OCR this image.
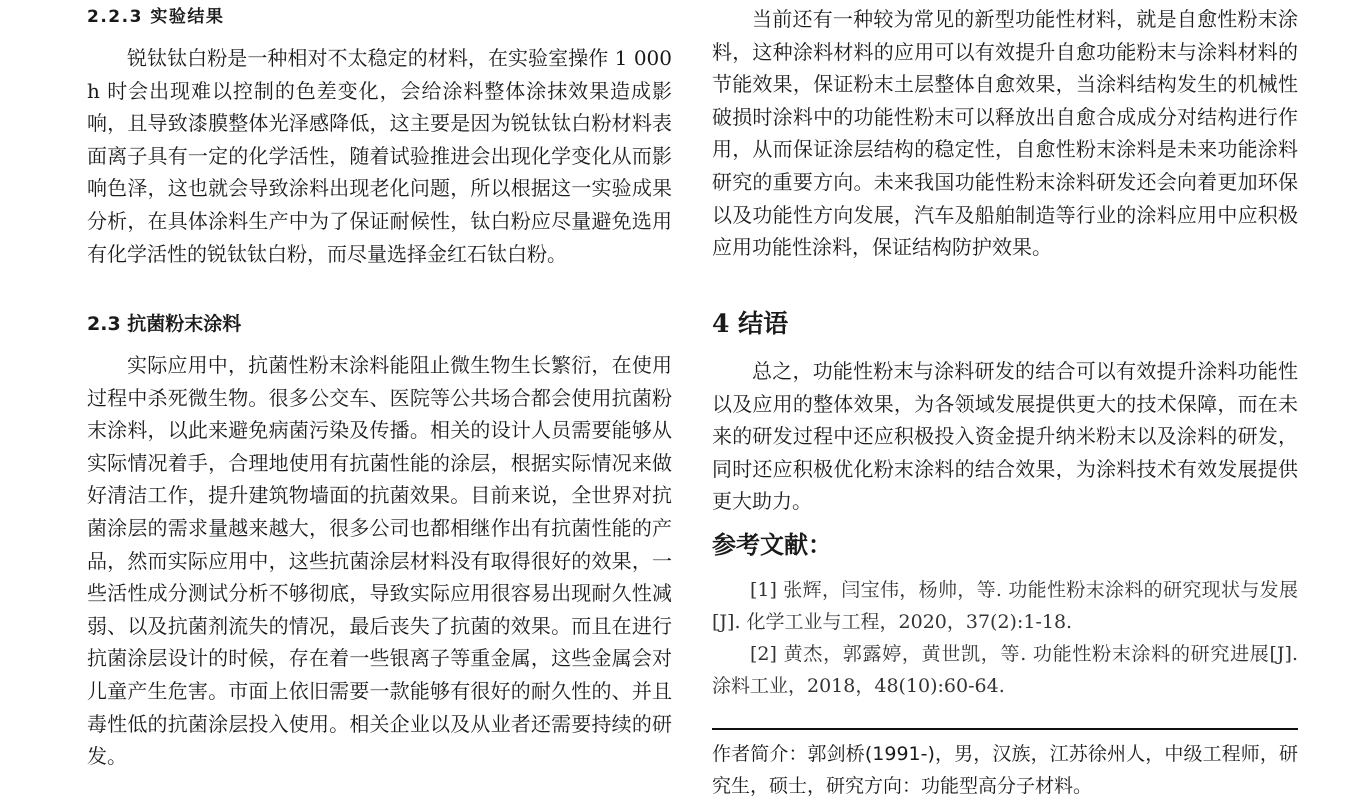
2.2.3 实验结果

锐钛钛白粉是一种相对不太稳定的材料，在实验室操作 1 000 h 时会出现难以控制的色差变化，会给涂料整体涂抹效果造成影响，且导致漆膜整体光泽感降低，这主要是因为锐钛钛白粉材料表面离子具有一定的化学活性，随着试验推进会出现化学变化从而影响色泽，这也就会导致涂料出现老化问题，所以根据这一实验成果分析，在具体涂料生产中为了保证耐候性，钛白粉应尽量避免选用有化学活性的锐钛钛白粉，而尽量选择金红石钛白粉。

2.3 抗菌粉末涂料

实际应用中，抗菌性粉末涂料能阻止微生物生长繁衍，在使用过程中杀死微生物。很多公交车、医院等公共场合都会使用抗菌粉末涂料，以此来避免病菌污染及传播。相关的设计人员需要能够从实际情况着手，合理地使用有抗菌性能的涂层，根据实际情况来做好清洁工作，提升建筑物墙面的抗菌效果。目前来说，全世界对抗菌涂层的需求量越来越大，很多公司也都相继作出有抗菌性能的产品，然而实际应用中，这些抗菌涂层材料没有取得很好的效果，一些活性成分测试分析不够彻底，导致实际应用很容易出现耐久性减弱、以及抗菌剂流失的情况，最后丧失了抗菌的效果。而且在进行抗菌涂层设计的时候，存在着一些银离子等重金属，这些金属会对儿童产生危害。市面上依旧需要一款能够有很好的耐久性的、并且毒性低的抗菌涂层投入使用。相关企业以及从业者还需要持续的研发。

当前还有一种较为常见的新型功能性材料，就是自愈性粉末涂料，这种涂料材料的应用可以有效提升自愈功能粉末与涂料材料的节能效果，保证粉末土层整体自愈效果，当涂料结构发生的机械性破损时涂料中的功能性粉末可以释放出自愈合成成分对结构进行作用，从而保证涂层结构的稳定性，自愈性粉末涂料是未来功能涂料研究的重要方向。未来我国功能性粉末涂料研发还会向着更加环保以及功能性方向发展，汽车及船舶制造等行业的涂料应用中应积极应用功能性涂料，保证结构防护效果。

4 结语

总之，功能性粉末与涂料研发的结合可以有效提升涂料功能性以及应用的整体效果，为各领域发展提供更大的技术保障，而在未来的研发过程中还应积极投入资金提升纳米粉末以及涂料的研发，同时还应积极优化粉末涂料的结合效果，为涂料技术有效发展提供更大助力。

参考文献：

[1] 张辉，闫宝伟，杨帅，等. 功能性粉末涂料的研究现状与发展[J]. 化学工业与工程，2020，37(2):1-18.

[2] 黄杰，郭露婷，黄世凯，等. 功能性粉末涂料的研究进展[J]. 涂料工业，2018，48(10):60-64.

作者简介：郭剑桥(1991-)，男，汉族，江苏徐州人，中级工程师，研究生，硕士，研究方向：功能型高分子材料。
